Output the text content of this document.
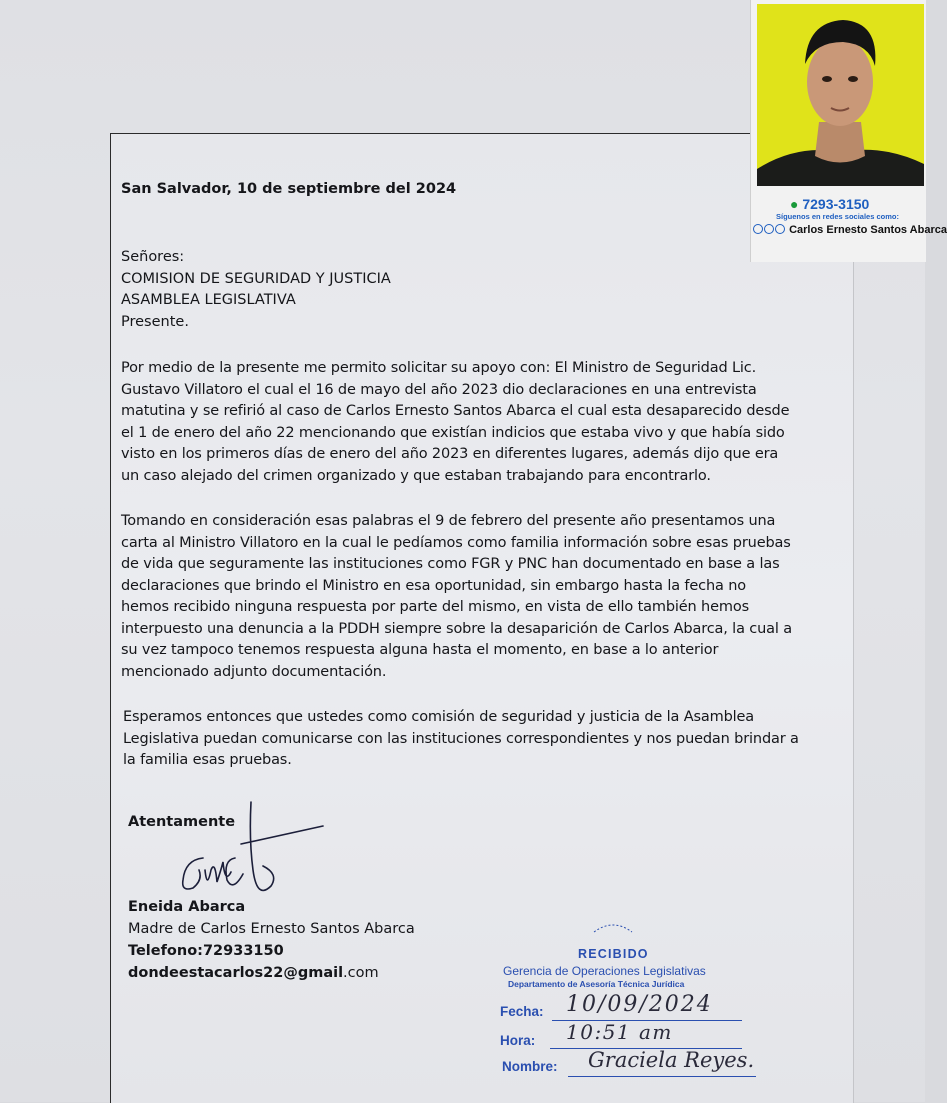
● 7293-3150
Síguenos en redes sociales como:
Carlos Ernesto Santos Abarca
San Salvador, 10 de septiembre del 2024
Señores:
COMISION DE SEGURIDAD Y JUSTICIA
ASAMBLEA LEGISLATIVA
Presente.
Por medio de la presente me permito solicitar su apoyo con: El Ministro de Seguridad Lic.
Gustavo Villatoro el cual el 16 de mayo del año 2023 dio declaraciones en una entrevista
matutina y se refirió al caso de Carlos Ernesto Santos Abarca el cual esta desaparecido desde
el 1 de enero del año 22 mencionando que existían indicios que estaba vivo y que había sido
visto en los primeros días de enero del año 2023 en diferentes lugares, además dijo que era
un caso alejado del crimen organizado y que estaban trabajando para encontrarlo.
Tomando en consideración esas palabras el 9 de febrero del presente año presentamos una
carta al Ministro Villatoro en la cual le pedíamos como familia información sobre esas pruebas
de vida que seguramente las instituciones como FGR y PNC han documentado en base a las
declaraciones que brindo el Ministro en esa oportunidad, sin embargo hasta la fecha no
hemos recibido ninguna respuesta por parte del mismo, en vista de ello también hemos
interpuesto una denuncia a la PDDH siempre sobre la desaparición de Carlos Abarca, la cual a
su vez tampoco tenemos respuesta alguna hasta el momento, en base a lo anterior
mencionado adjunto documentación.
Esperamos entonces que ustedes como comisión de seguridad y justicia de la Asamblea
Legislativa puedan comunicarse con las instituciones correspondientes y nos puedan brindar a
la familia esas pruebas.
Atentamente
Eneida Abarca
Madre de Carlos Ernesto Santos Abarca
Telefono:72933150
dondeestacarlos22@gmail.com
RECIBIDO
Gerencia de Operaciones Legislativas
Departamento de Asesoría Técnica Jurídica
Fecha: 10/09/2024
Hora: 10:51 am
Nombre: Graciela Reyes.
